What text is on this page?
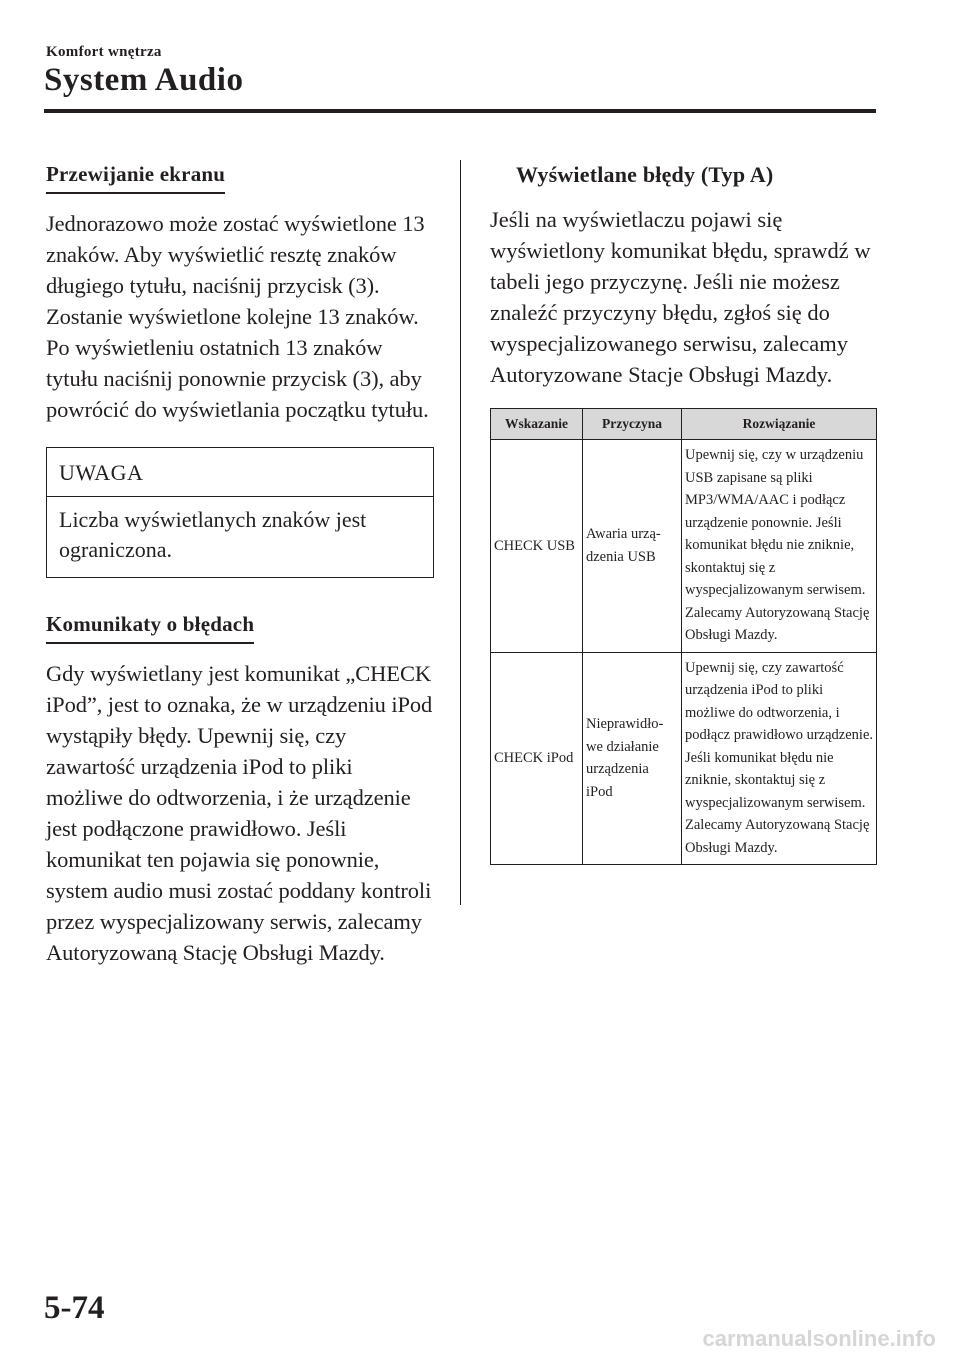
Komfort wnętrza
System Audio
Przewijanie ekranu
Jednorazowo może zostać wyświetlone 13 znaków. Aby wyświetlić resztę znaków długiego tytułu, naciśnij przycisk (3). Zostanie wyświetlone kolejne 13 znaków. Po wyświetleniu ostatnich 13 znaków tytułu naciśnij ponownie przycisk (3), aby powrócić do wyświetlania początku tytułu.
UWAGA
Liczba wyświetlanych znaków jest ograniczona.
Komunikaty o błędach
Gdy wyświetlany jest komunikat „CHECK iPod”, jest to oznaka, że w urządzeniu iPod wystąpiły błędy. Upewnij się, czy zawartość urządzenia iPod to pliki możliwe do odtworzenia, i że urządzenie jest podłączone prawidłowo. Jeśli komunikat ten pojawia się ponownie, system audio musi zostać poddany kontroli przez wyspecjalizowany serwis, zalecamy Autoryzowaną Stację Obsługi Mazdy.
Wyświetlane błędy (Typ A)
Jeśli na wyświetlaczu pojawi się wyświetlony komunikat błędu, sprawdź w tabeli jego przyczynę. Jeśli nie możesz znaleźć przyczyny błędu, zgłoś się do wyspecjalizowanego serwisu, zalecamy Autoryzowane Stacje Obsługi Mazdy.
Wskazanie	Przyczyna	Rozwiązanie
CHECK USB	Awaria urzą-dzenia USB	Upewnij się, czy w urządzeniu USB zapisane są pliki MP3/WMA/AAC i podłącz urządzenie ponownie. Jeśli komunikat błędu nie zniknie, skontaktuj się z wyspecjalizowanym serwisem. Zalecamy Autoryzowaną Stację Obsługi Mazdy.
CHECK iPod	Nieprawidło-we działanie urządzenia iPod	Upewnij się, czy zawartość urządzenia iPod to pliki możliwe do odtworzenia, i podłącz prawidłowo urządzenie. Jeśli komunikat błędu nie zniknie, skontaktuj się z wyspecjalizowanym serwisem. Zalecamy Autoryzowaną Stację Obsługi Mazdy.
5-74
carmanualsonline.info
